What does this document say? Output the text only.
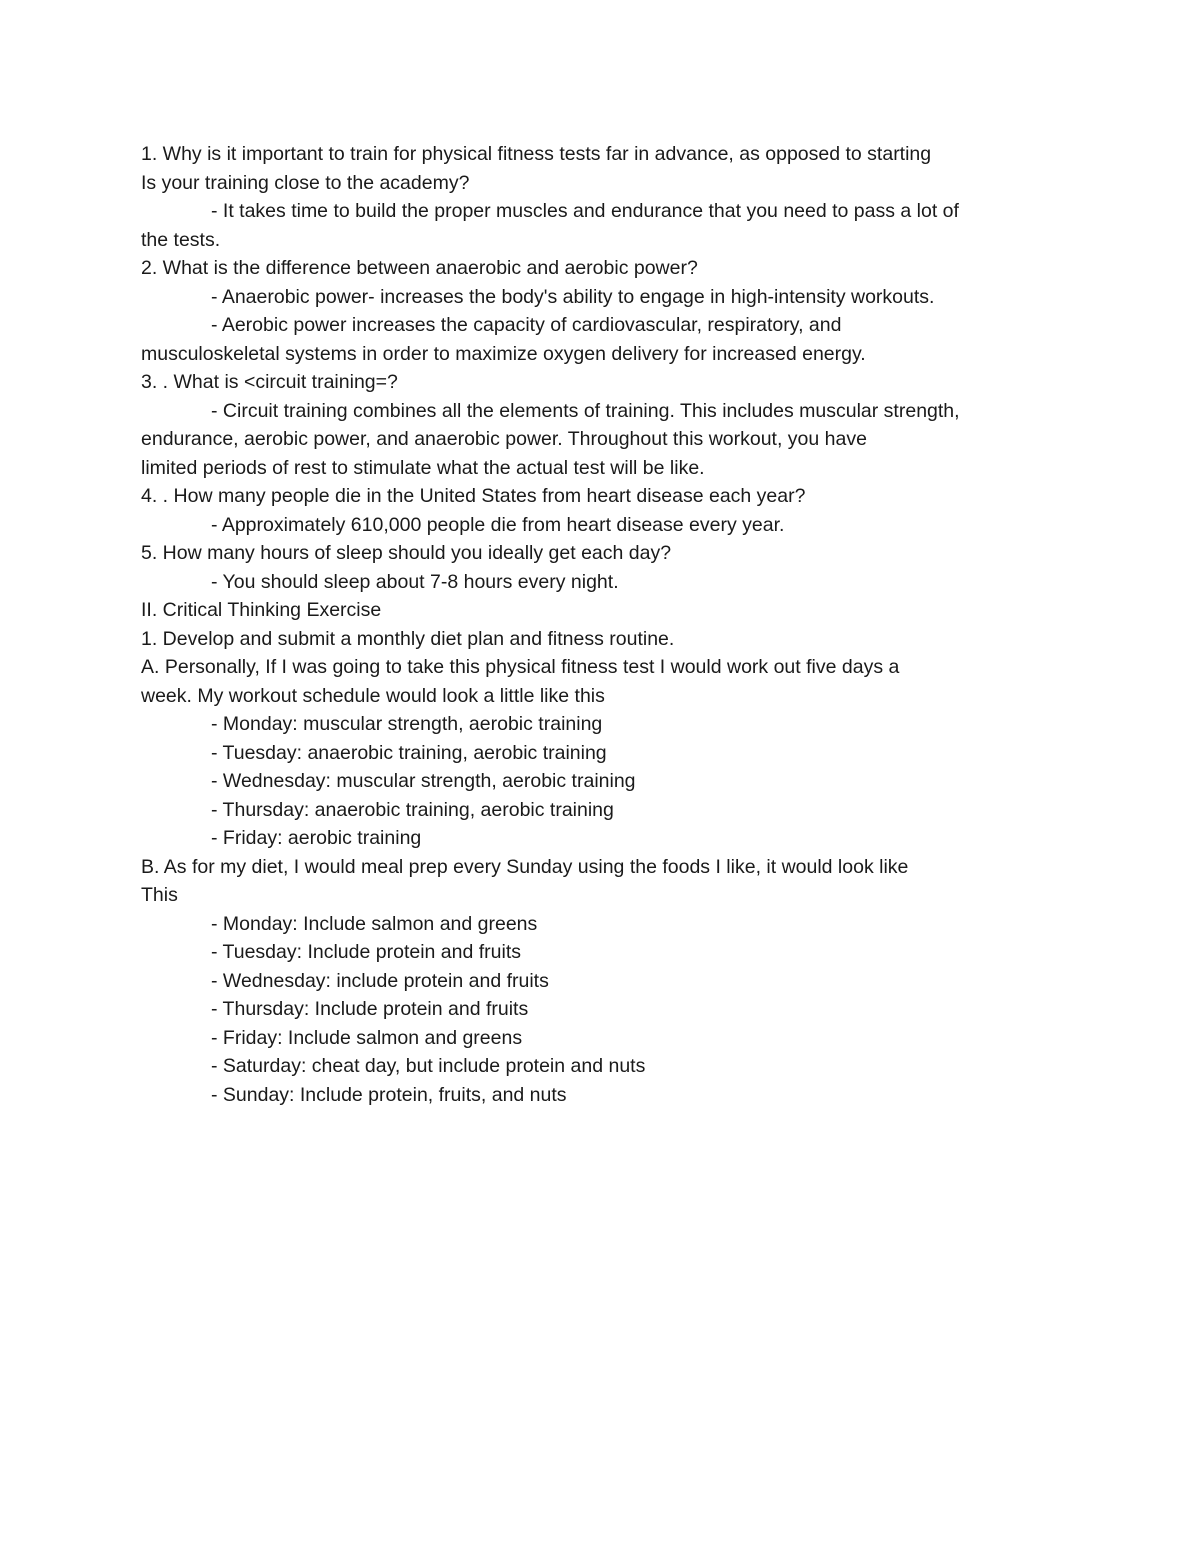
1. Why is it important to train for physical fitness tests far in advance, as opposed to starting

Is your training close to the academy?

- It takes time to build the proper muscles and endurance that you need to pass a lot of

the tests.

2. What is the difference between anaerobic and aerobic power?

- Anaerobic power- increases the body's ability to engage in high-intensity workouts.

- Aerobic power increases the capacity of cardiovascular, respiratory, and

musculoskeletal systems in order to maximize oxygen delivery for increased energy.

3. . What is <circuit training=?

- Circuit training combines all the elements of training. This includes muscular strength,

endurance, aerobic power, and anaerobic power. Throughout this workout, you have

limited periods of rest to stimulate what the actual test will be like.

4. . How many people die in the United States from heart disease each year?

- Approximately 610,000 people die from heart disease every year.

5. How many hours of sleep should you ideally get each day?

- You should sleep about 7-8 hours every night.

II. Critical Thinking Exercise

1. Develop and submit a monthly diet plan and fitness routine.

A. Personally, If I was going to take this physical fitness test I would work out five days a

week. My workout schedule would look a little like this

- Monday: muscular strength, aerobic training

- Tuesday: anaerobic training, aerobic training

- Wednesday: muscular strength, aerobic training

- Thursday: anaerobic training, aerobic training

- Friday: aerobic training

B. As for my diet, I would meal prep every Sunday using the foods I like, it would look like

This

- Monday: Include salmon and greens

- Tuesday: Include protein and fruits

- Wednesday: include protein and fruits

- Thursday: Include protein and fruits

- Friday: Include salmon and greens

- Saturday: cheat day, but include protein and nuts

- Sunday: Include protein, fruits, and nuts
